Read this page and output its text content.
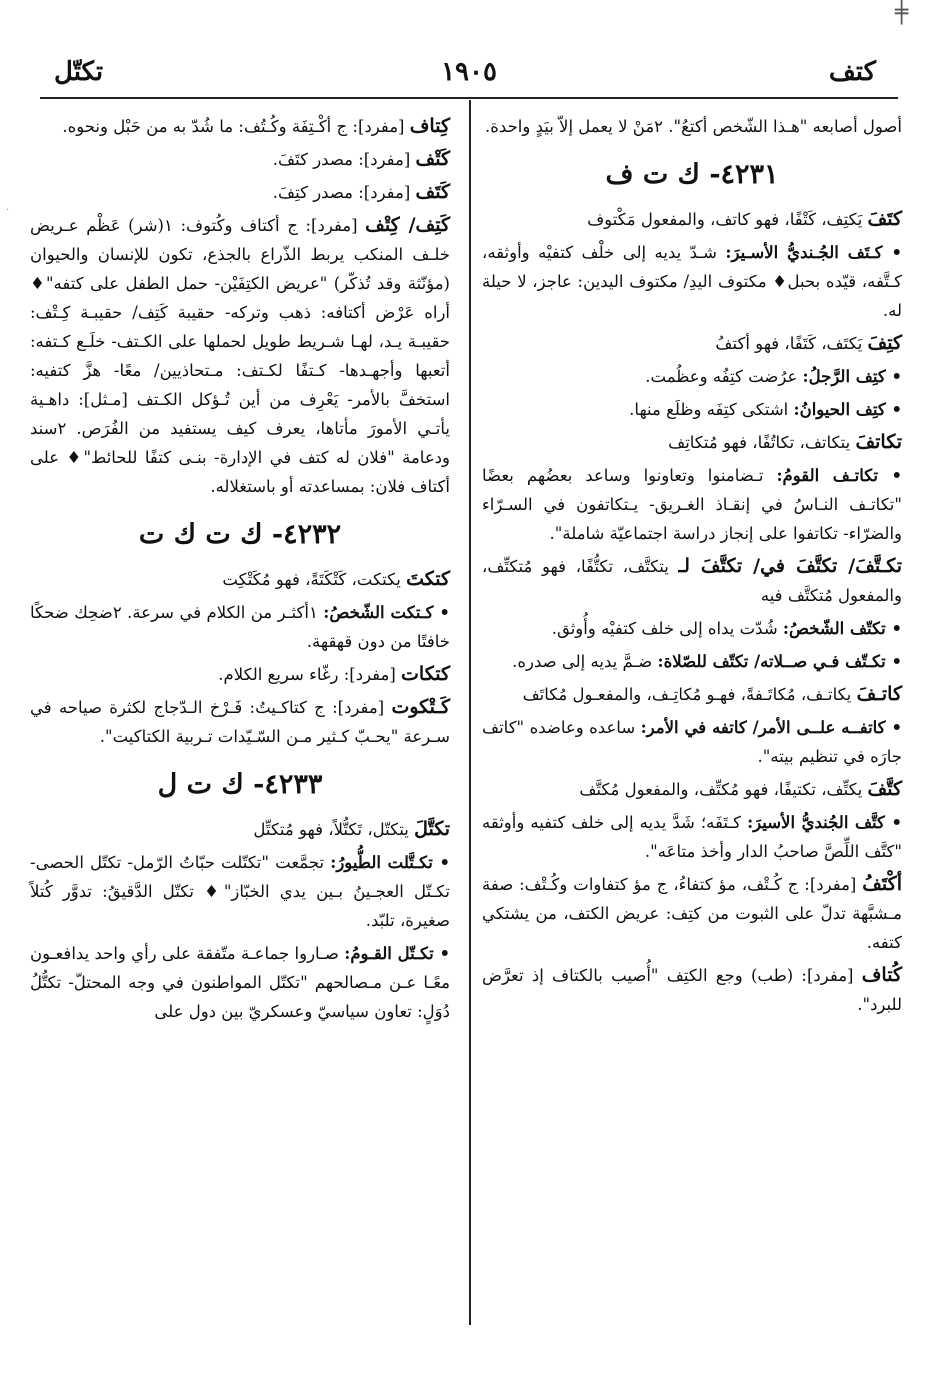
╪
·
كتف
١٩٠٥
تكتّل

أصول أصابعه "هـذا الشّخص أكتعُ". ٢مَنْ لا يعمل إلاّ بيَدٍ واحدة.

٤٢٣١- ك ت ف

كتَفَ يَكتِف، كَتْفًا، فهو كاتف، والمفعول مَكْتوف

• كـتَف الجُـنديُّ الأسـيرَ: شـدّ يديه إلى خلْف كتفيْه وأوثقه، كـتَّفه، قيّده بحبل♦ مكتوف اليدِ/ مكتوف اليدين: عاجز، لا حيلة له.

كتِفَ يَكتَف، كَتَفًا، فهو أكتفُ

• كتِف الرَّجلُ: عرُضت كتِفُه وعظُمت.

• كتِف الحيوانُ: اشتكى كتِفَه وظلَع منها.

تكاتفَ يتكاتف، تكاتُفًا، فهو مُتكاتِف

• تكاتـف القومُ: تـضامنوا وتعاونوا وساعد بعضُهم بعضًا "تكاتـف النـاسُ في إنقـاذ الغـريق- يـتكاتفون في السـرّاء والضرّاء- تكاتفوا على إنجاز دراسة اجتماعيّة شاملة".

تكـتَّفَ/ تكتَّفَ في/ تكتَّفَ لـ يتكتَّف، تكتُّفًا، فهو مُتكتِّف، والمفعول مُتكتَّف فيه

• تكتّف الشّخصُ: شُدّت يداه إلى خلف كتفيْه وأُوثق.

• تكـتّف فـي صــلاته/ تكتّف للصّلاة: ضـمَّ يديه إلى صدره.

كاتـفَ يكاتـف، مُكاتَـفةً، فهـو مُكاتِـف، والمفعـول مُكاتَف

• كاتفــه علــى الأمر/ كاتفه في الأمر: ساعده وعاضده "كاتف جارَه في تنظيم بيته".

كتَّفَ يكتِّف، تكتيفًا، فهو مُكتِّف، والمفعول مُكتَّف

• كتَّف الجُنديُّ الأسيرَ: كـتَفَه؛ شَدَّ يديه إلى خلف كتفيه وأوثقه "كتَّف اللِّصَّ صاحبُ الدار وأخذ متاعَه".

أكْتَفُ [مفرد]: ج كُـتْف، مؤ كتفاءُ، ج مؤ كتفاوات وكُـتْف: صفة مـشبَّهة تدلّ على الثبوت من كتِف: عريض الكتف، من يشتكي كتفه.

كُتاف [مفرد]: (طب) وجع الكتِف "أُصيب بالكتاف إذ تعرَّض للبرد".

كِتاف [مفرد]: ج أكْـتِفَة وكُـتُف: ما شُدّ به من حَبْل ونحوه.

كَتْف [مفرد]: مصدر كتَفَ.

كَتَف [مفرد]: مصدر كتِفَ.

كَتِف/ كِتْف [مفرد]: ج أكتاف وكُتوف: ١(شر) عَظْم عـريض خلـف المنكب يربط الذّراع بالجذع، تكون للإنسان والحيوان (مؤنّثة وقد تُذكّر) "عريض الكتِفَيْن- حمل الطفل على كتفه"♦ أراه عَرْض أكتافه: ذهب وتركه- حقيبة كَتِف/ حقيبـة كِـتْف: حقيبـة يـد، لهـا شـريط طويل لحملها على الكـتف- خلَـع كـتفه: أتعبها وأجهـدها- كـتفًا لكـتف: مـتحاذيين/ معًا- هزَّ كتفيه: استخفَّ بالأمر- يَعْرِف من أين تُـؤكل الكـتف [مـثل]: داهـية يأتـي الأمورَ مأتاها، يعرف كيف يستفيد من الفُرَص. ٢سند ودعامة "فلان له كتف في الإدارة- بنـى كتفًا للحائط"♦ على أكتاف فلان: بمساعدته أو باستغلاله.

٤٢٣٢- ك ت ك ت

كتكتَ يكتكت، كَتْكَتَةً، فهو مُكَتْكِت

• كـتكت الشّخصُ: ١أكثـر من الكلام في سرعة. ٢ضحِك ضحكًا خافتًا من دون قهقهة.

كتكات [مفرد]: رغّاء سريع الكلام.

كَـتْكوت [مفرد]: ج كتاكـيتُ: فَـرْخ الـدّجاج لكثرة صياحه في سـرعة "يحـبّ كـثير مـن السّـيّدات تـربية الكتاكيت".

٤٢٣٣- ك ت ل

تكتَّلَ يتكتّل، تَكتُّلاً، فهو مُتكتِّل

• تكـتَّلت الطُّيورُ: تجمَّعت "تكتّلت حبّاتُ الرّمل- تكتّل الحصى- تكـتّل العجـينُ بـين يدي الخبّاز"♦ تكتّل الدَّقيقُ: تدوَّر كُتلاً صغيرة، تلبّد.

• تكـتّل القـومُ: صـاروا جماعـة متّفقة على رأي واحد يدافعـون معًـا عـن مـصالحهم "تكتّل المواطنون في وجه المحتلّ- تكتُّلُ دُوَلٍ: تعاون سياسيّ وعسكريّ بين دول على
